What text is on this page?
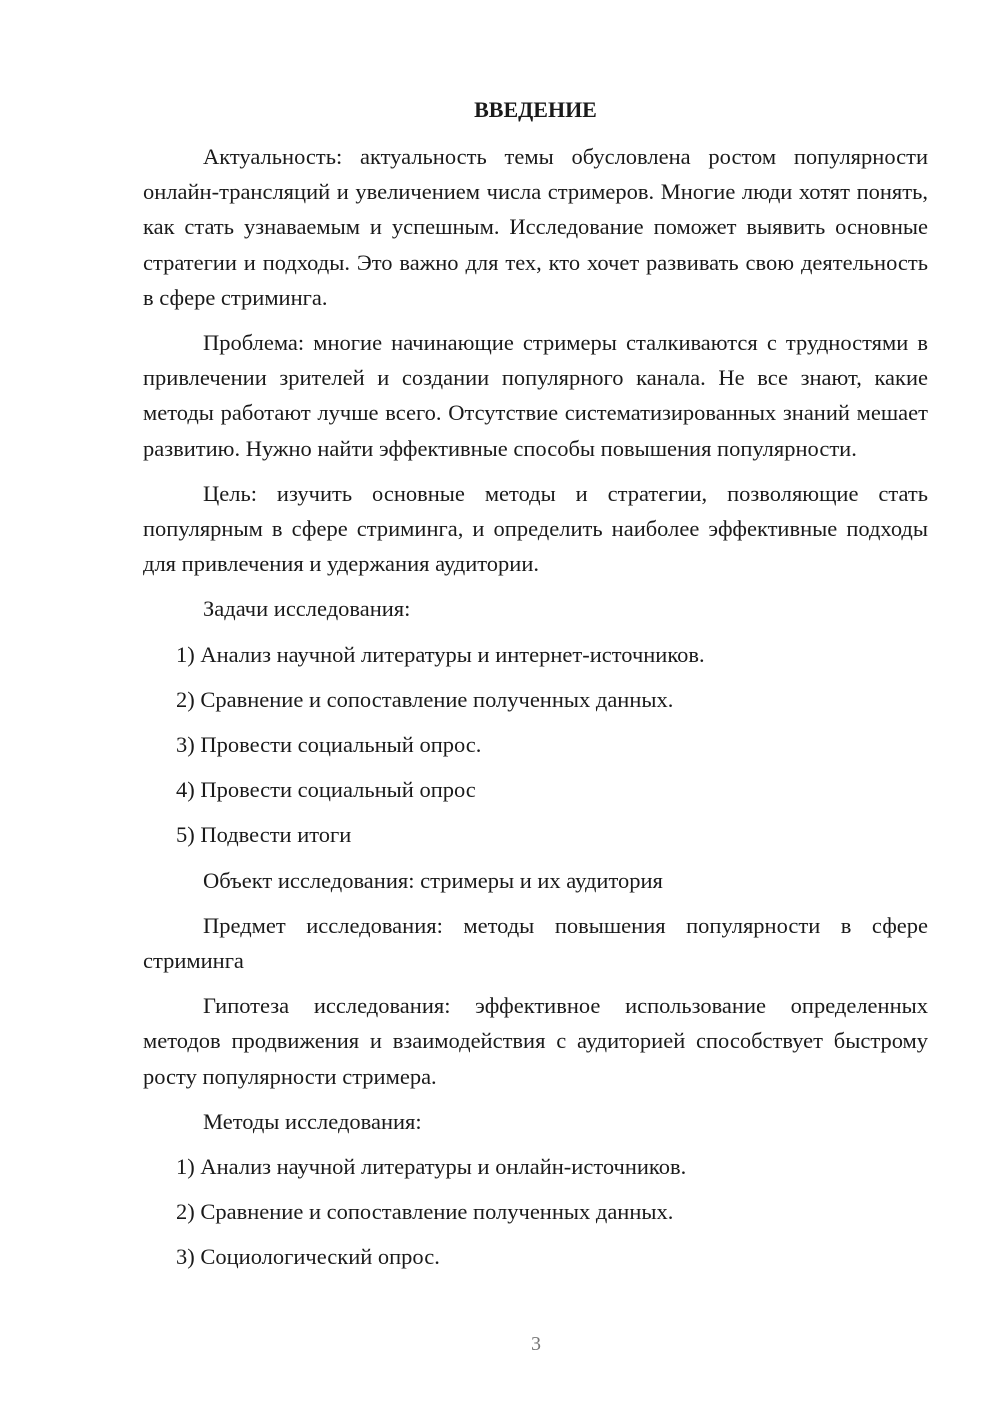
ВВЕДЕНИЕ
Актуальность: актуальность темы обусловлена ростом популярности онлайн-трансляций и увеличением числа стримеров. Многие люди хотят понять, как стать узнаваемым и успешным. Исследование поможет выявить основные стратегии и подходы. Это важно для тех, кто хочет развивать свою деятельность в сфере стриминга.
Проблема: многие начинающие стримеры сталкиваются с трудностями в привлечении зрителей и создании популярного канала. Не все знают, какие методы работают лучше всего. Отсутствие систематизированных знаний мешает развитию. Нужно найти эффективные способы повышения популярности.
Цель: изучить основные методы и стратегии, позволяющие стать популярным в сфере стриминга, и определить наиболее эффективные подходы для привлечения и удержания аудитории.
Задачи исследования:
1) Анализ научной литературы и интернет-источников.
2) Сравнение и сопоставление полученных данных.
3) Провести социальный опрос.
4) Провести социальный опрос
5) Подвести итоги
Объект исследования: стримеры и их аудитория
Предмет исследования: методы повышения популярности в сфере стриминга
Гипотеза исследования: эффективное использование определенных методов продвижения и взаимодействия с аудиторией способствует быстрому росту популярности стримера.
Методы исследования:
1) Анализ научной литературы и онлайн-источников.
2) Сравнение и сопоставление полученных данных.
3) Социологический опрос.
3
